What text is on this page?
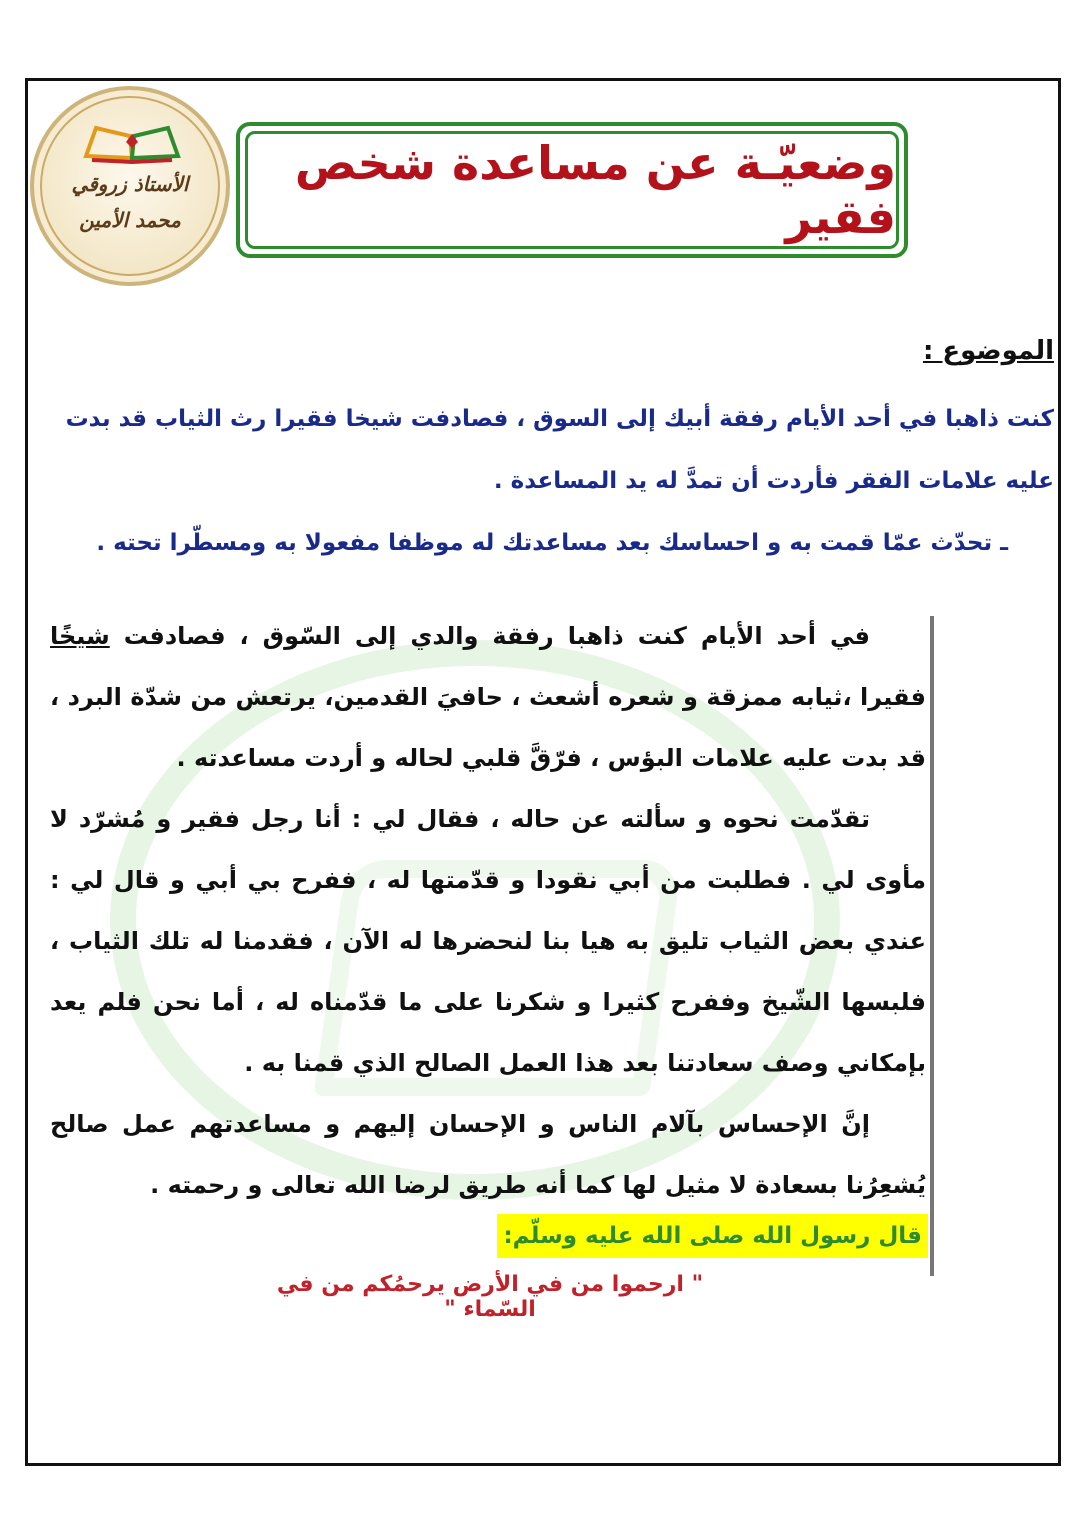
الأستاذ زروقي
محمد الأمين
وضعيّـة عن مساعدة شخص فقير
الموضوع :
كنت ذاهبا في أحد الأيام رفقة أبيك إلى السوق ، فصادفت شيخا فقيرا رث الثياب قد بدت عليه علامات الفقر فأردت أن تمدَّ له يد المساعدة .
ـ تحدّث عمّا قمت به و احساسك بعد مساعدتك له موظفا مفعولا به ومسطّرا تحته .

في أحد الأيام كنت ذاهبا رفقة والدي إلى السّوق ، فصادفت شيخًا فقيرا ،ثيابه ممزقة و شعره أشعث ، حافيَ القدمين، يرتعش من شدّة البرد ، قد بدت عليه علامات البؤس ، فرّقَّ قلبي لحاله و أردت مساعدته .

تقدّمت نحوه و سألته عن حاله ، فقال لي : أنا رجل فقير و مُشرّد لا مأوى لي . فطلبت من أبي نقودا و قدّمتها له ، ففرح بي أبي و قال لي : عندي بعض الثياب تليق به هيا بنا لنحضرها له الآن ، فقدمنا له تلك الثياب ، فلبسها الشّيخ وففرح كثيرا و شكرنا على ما قدّمناه له ، أما نحن فلم يعد بإمكاني وصف سعادتنا بعد هذا العمل الصالح الذي قمنا به .

إنَّ الإحساس بآلام الناس و الإحسان إليهم و مساعدتهم عمل صالح يُشعِرُنا بسعادة لا مثيل لها كما أنه طريق لرضا الله تعالى و رحمته .

قال رسول الله صلى الله عليه وسلّم:
" ارحموا من في الأرض يرحمُكم من في السّماء "
